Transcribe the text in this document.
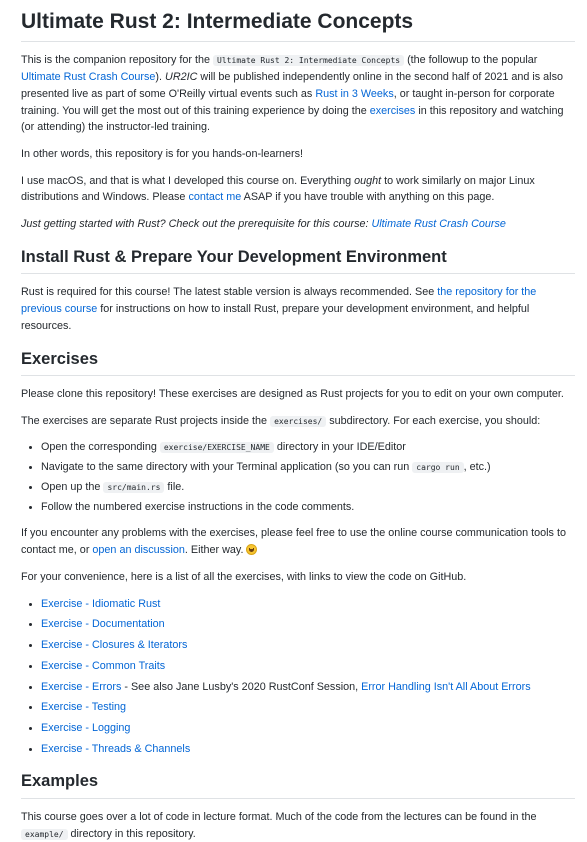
Ultimate Rust 2: Intermediate Concepts

This is the companion repository for the Ultimate Rust 2: Intermediate Concepts (the followup to the popular Ultimate Rust Crash Course). UR2IC will be published independently online in the second half of 2021 and is also presented live as part of some O'Reilly virtual events such as Rust in 3 Weeks, or taught in-person for corporate training. You will get the most out of this training experience by doing the exercises in this repository and watching (or attending) the instructor-led training.

In other words, this repository is for you hands-on-learners!

I use macOS, and that is what I developed this course on. Everything ought to work similarly on major Linux distributions and Windows. Please contact me ASAP if you have trouble with anything on this page.

Just getting started with Rust? Check out the prerequisite for this course: Ultimate Rust Crash Course

Install Rust & Prepare Your Development Environment

Rust is required for this course! The latest stable version is always recommended. See the repository for the previous course for instructions on how to install Rust, prepare your development environment, and helpful resources.

Exercises

Please clone this repository! These exercises are designed as Rust projects for you to edit on your own computer.

The exercises are separate Rust projects inside the exercises/ subdirectory. For each exercise, you should:

• Open the corresponding exercise/EXERCISE_NAME directory in your IDE/Editor
• Navigate to the same directory with your Terminal application (so you can run cargo run , etc.)
• Open up the src/main.rs file.
• Follow the numbered exercise instructions in the code comments.

If you encounter any problems with the exercises, please feel free to use the online course communication tools to contact me, or open an discussion. Either way.

For your convenience, here is a list of all the exercises, with links to view the code on GitHub.

• Exercise - Idiomatic Rust
• Exercise - Documentation
• Exercise - Closures & Iterators
• Exercise - Common Traits
• Exercise - Errors - See also Jane Lusby's 2020 RustConf Session, Error Handling Isn't All About Errors
• Exercise - Testing
• Exercise - Logging
• Exercise - Threads & Channels
Examples

This course goes over a lot of code in lecture format. Much of the code from the lectures can be found in the example/ directory in this repository.
